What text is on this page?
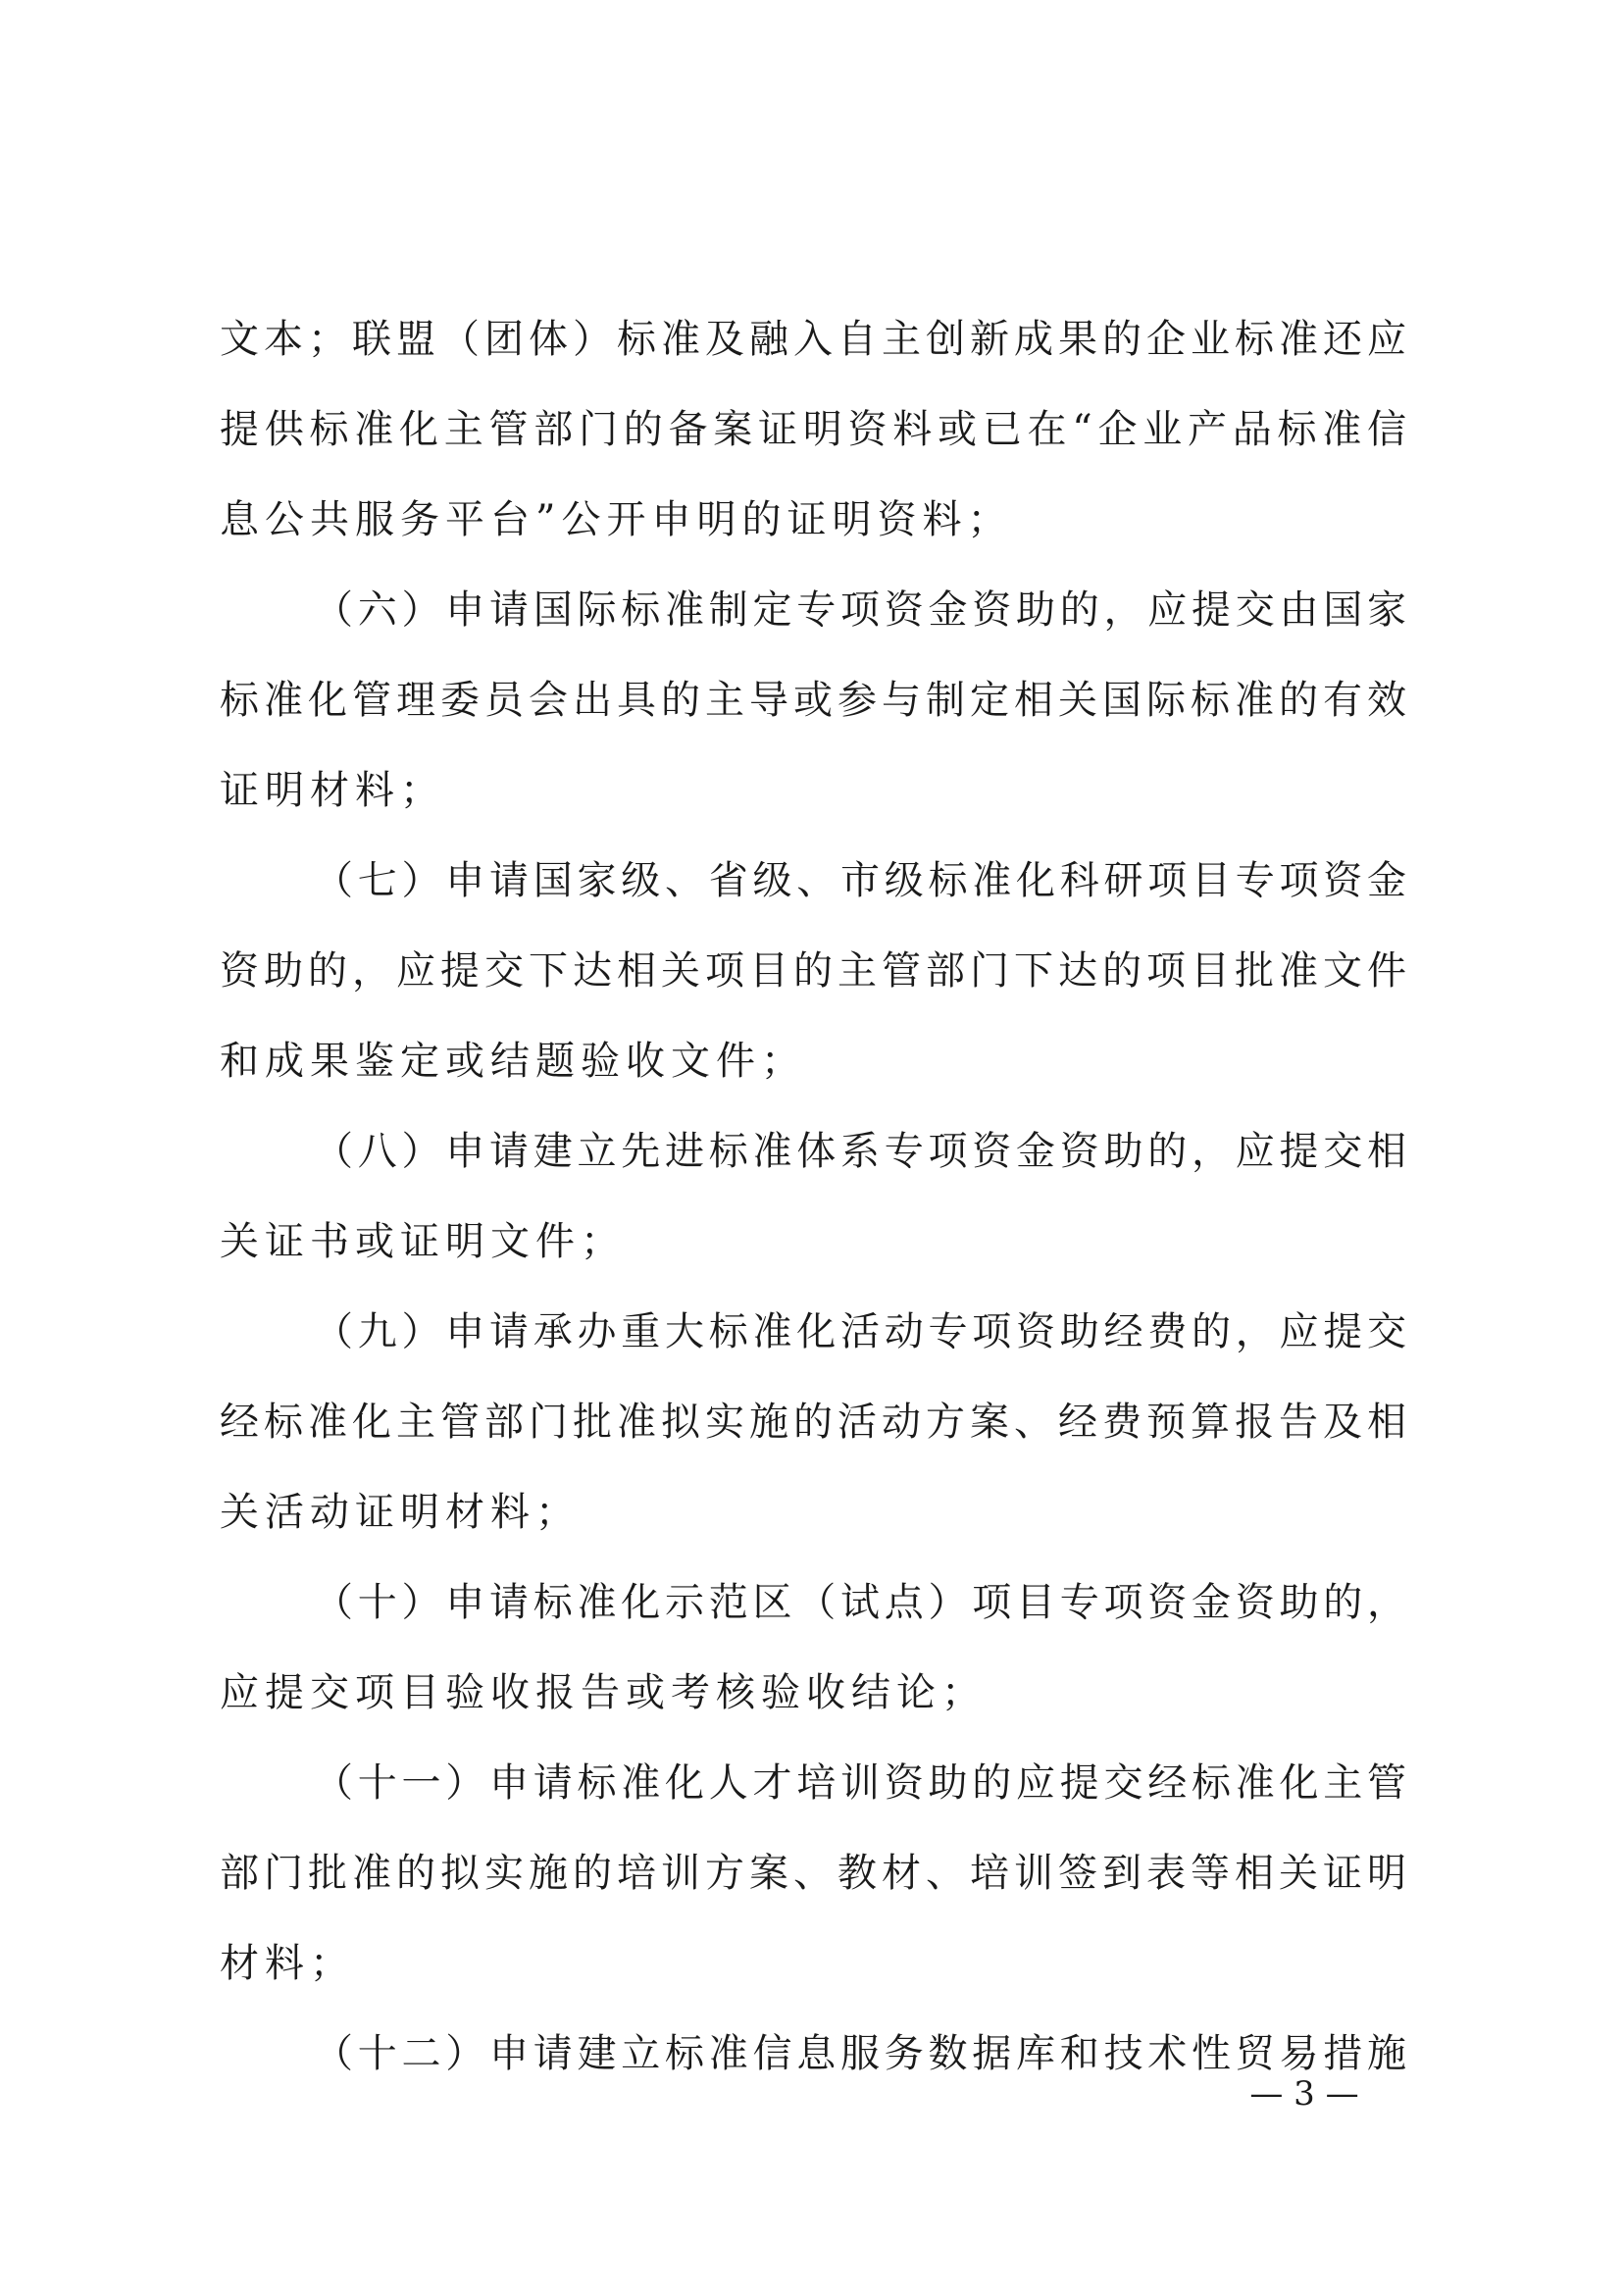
文本；联盟（团体）标准及融入自主创新成果的企业标准还应
提供标准化主管部门的备案证明资料或已在“企业产品标准信
息公共服务平台”公开申明的证明资料；
（六）申请国际标准制定专项资金资助的，应提交由国家
标准化管理委员会出具的主导或参与制定相关国际标准的有效
证明材料；
（七）申请国家级、省级、市级标准化科研项目专项资金
资助的，应提交下达相关项目的主管部门下达的项目批准文件
和成果鉴定或结题验收文件；
（八）申请建立先进标准体系专项资金资助的，应提交相
关证书或证明文件；
（九）申请承办重大标准化活动专项资助经费的，应提交
经标准化主管部门批准拟实施的活动方案、经费预算报告及相
关活动证明材料；
（十）申请标准化示范区（试点）项目专项资金资助的，
应提交项目验收报告或考核验收结论；
（十一）申请标准化人才培训资助的应提交经标准化主管
部门批准的拟实施的培训方案、教材、培训签到表等相关证明
材料；
（十二）申请建立标准信息服务数据库和技术性贸易措施
— 3 —
